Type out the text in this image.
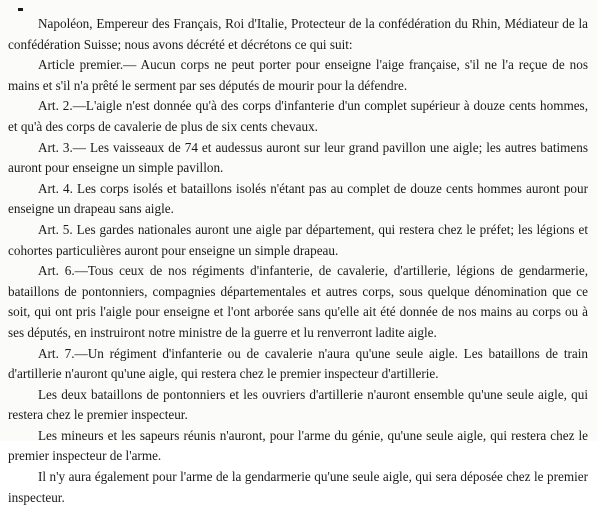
Napoléon, Empereur des Français, Roi d'Italie, Protecteur de la confédération du Rhin, Médiateur de la confédération Suisse; nous avons décrété et décrétons ce qui suit:

Article premier.— Aucun corps ne peut porter pour enseigne l'aige française, s'il ne l'a reçue de nos mains et s'il n'a prêté le serment par ses députés de mourir pour la défendre.

Art. 2.—L'aigle n'est donnée qu'à des corps d'infanterie d'un complet supérieur à douze cents hommes, et qu'à des corps de cavalerie de plus de six cents chevaux.

Art. 3.— Les vaisseaux de 74 et audessus auront sur leur grand pavillon une aigle; les autres batimens auront pour enseigne un simple pavillon.

Art. 4. Les corps isolés et bataillons isolés n'étant pas au complet de douze cents hommes auront pour enseigne un drapeau sans aigle.

Art. 5. Les gardes nationales auront une aigle par département, qui restera chez le préfet; les légions et cohortes particulières auront pour enseigne un simple drapeau.

Art. 6.—Tous ceux de nos régiments d'infanterie, de cavalerie, d'artillerie, légions de gendarmerie, bataillons de pontonniers, compagnies départementales et autres corps, sous quelque dénomination que ce soit, qui ont pris l'aigle pour enseigne et l'ont arborée sans qu'elle ait été donnée de nos mains au corps ou à ses députés, en instruiront notre ministre de la guerre et lu renverront ladite aigle.

Art. 7.—Un régiment d'infanterie ou de cavalerie n'aura qu'une seule aigle. Les bataillons de train d'artillerie n'auront qu'une aigle, qui restera chez le premier inspecteur d'artillerie.

Les deux bataillons de pontonniers et les ouvriers d'artillerie n'auront ensemble qu'une seule aigle, qui restera chez le premier inspecteur.

Les mineurs et les sapeurs réunis n'auront, pour l'arme du génie, qu'une seule aigle, qui restera chez le premier inspecteur de l'arme.

Il n'y aura également pour l'arme de la gendarmerie qu'une seule aigle, qui sera déposée chez le premier inspecteur.
